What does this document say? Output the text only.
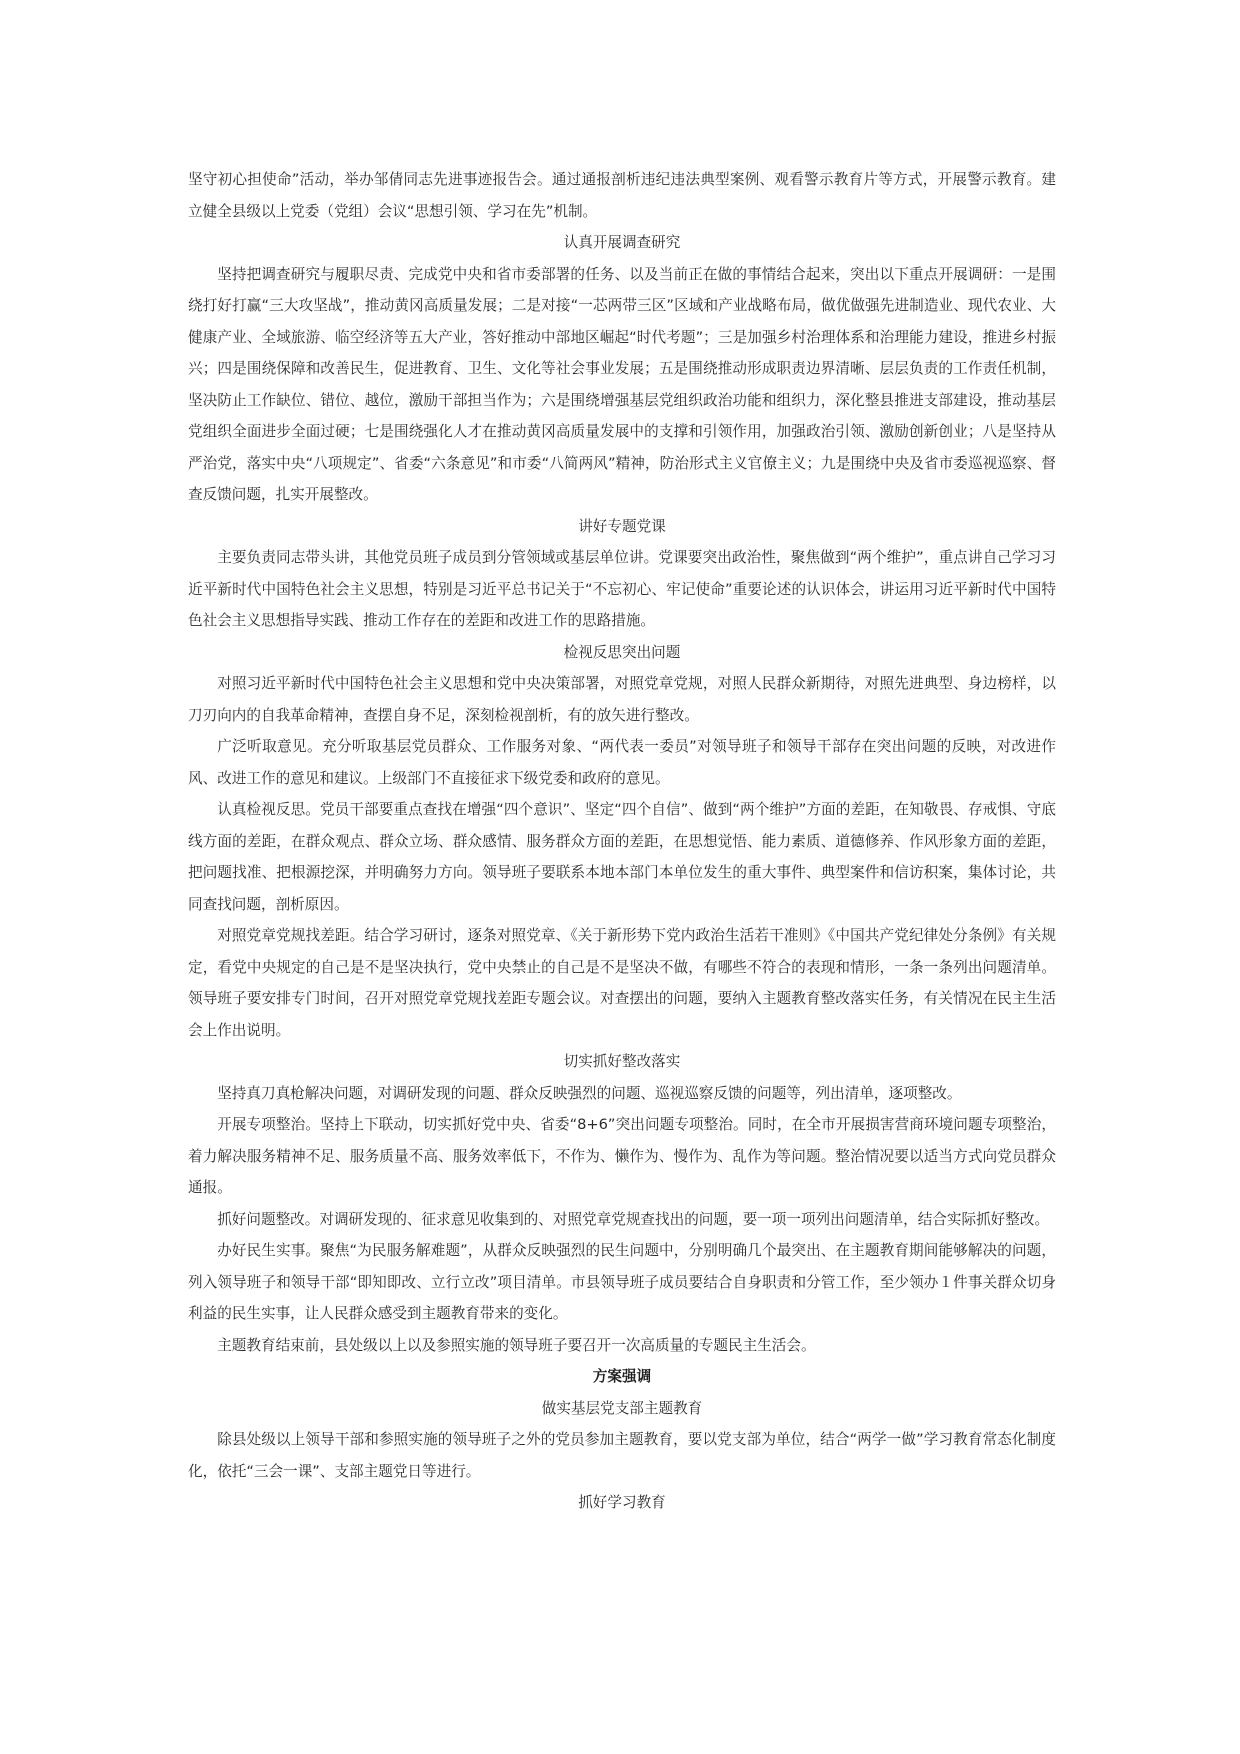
坚守初心担使命”活动，举办邹倩同志先进事迹报告会。通过通报剖析违纪违法典型案例、观看警示教育片等方式，开展警示教育。建立健全县级以上党委（党组）会议“思想引领、学习在先”机制。

认真开展调查研究

坚持把调查研究与履职尽责、完成党中央和省市委部署的任务、以及当前正在做的事情结合起来，突出以下重点开展调研：一是围绕打好打赢“三大攻坚战”，推动黄冈高质量发展；二是对接“一芯两带三区”区域和产业战略布局，做优做强先进制造业、现代农业、大健康产业、全域旅游、临空经济等五大产业，答好推动中部地区崛起“时代考题”；三是加强乡村治理体系和治理能力建设，推进乡村振兴；四是围绕保障和改善民生，促进教育、卫生、文化等社会事业发展；五是围绕推动形成职责边界清晰、层层负责的工作责任机制，坚决防止工作缺位、错位、越位，激励干部担当作为；六是围绕增强基层党组织政治功能和组织力，深化整县推进支部建设，推动基层党组织全面进步全面过硬；七是围绕强化人才在推动黄冈高质量发展中的支撑和引领作用，加强政治引领、激励创新创业；八是坚持从严治党，落实中央“八项规定”、省委“六条意见”和市委“八简两风”精神，防治形式主义官僚主义；九是围绕中央及省市委巡视巡察、督查反馈问题，扎实开展整改。

讲好专题党课

主要负责同志带头讲，其他党员班子成员到分管领域或基层单位讲。党课要突出政治性，聚焦做到“两个维护”，重点讲自己学习习近平新时代中国特色社会主义思想，特别是习近平总书记关于“不忘初心、牢记使命”重要论述的认识体会，讲运用习近平新时代中国特色社会主义思想指导实践、推动工作存在的差距和改进工作的思路措施。

检视反思突出问题

对照习近平新时代中国特色社会主义思想和党中央决策部署，对照党章党规，对照人民群众新期待，对照先进典型、身边榜样，以刀刃向内的自我革命精神，查摆自身不足，深刻检视剖析，有的放矢进行整改。

广泛听取意见。充分听取基层党员群众、工作服务对象、“两代表一委员”对领导班子和领导干部存在突出问题的反映，对改进作风、改进工作的意见和建议。上级部门不直接征求下级党委和政府的意见。

认真检视反思。党员干部要重点查找在增强“四个意识”、坚定“四个自信”、做到“两个维护”方面的差距，在知敬畏、存戒惧、守底线方面的差距，在群众观点、群众立场、群众感情、服务群众方面的差距，在思想觉悟、能力素质、道德修养、作风形象方面的差距，把问题找准、把根源挖深，并明确努力方向。领导班子要联系本地本部门本单位发生的重大事件、典型案件和信访积案，集体讨论，共同查找问题，剖析原因。

对照党章党规找差距。结合学习研讨，逐条对照党章、《关于新形势下党内政治生活若干准则》《中国共产党纪律处分条例》有关规定，看党中央规定的自己是不是坚决执行，党中央禁止的自己是不是坚决不做，有哪些不符合的表现和情形，一条一条列出问题清单。领导班子要安排专门时间，召开对照党章党规找差距专题会议。对查摆出的问题，要纳入主题教育整改落实任务，有关情况在民主生活会上作出说明。

切实抓好整改落实

坚持真刀真枪解决问题，对调研发现的问题、群众反映强烈的问题、巡视巡察反馈的问题等，列出清单，逐项整改。

开展专项整治。坚持上下联动，切实抓好党中央、省委“8+6”突出问题专项整治。同时，在全市开展损害营商环境问题专项整治，着力解决服务精神不足、服务质量不高、服务效率低下，不作为、懒作为、慢作为、乱作为等问题。整治情况要以适当方式向党员群众通报。

抓好问题整改。对调研发现的、征求意见收集到的、对照党章党规查找出的问题，要一项一项列出问题清单，结合实际抓好整改。

办好民生实事。聚焦“为民服务解难题”，从群众反映强烈的民生问题中，分别明确几个最突出、在主题教育期间能够解决的问题，列入领导班子和领导干部“即知即改、立行立改”项目清单。市县领导班子成员要结合自身职责和分管工作，至少领办１件事关群众切身利益的民生实事，让人民群众感受到主题教育带来的变化。

主题教育结束前，县处级以上以及参照实施的领导班子要召开一次高质量的专题民主生活会。

方案强调
做实基层党支部主题教育

除县处级以上领导干部和参照实施的领导班子之外的党员参加主题教育，要以党支部为单位，结合“两学一做”学习教育常态化制度化，依托“三会一课”、支部主题党日等进行。

抓好学习教育
